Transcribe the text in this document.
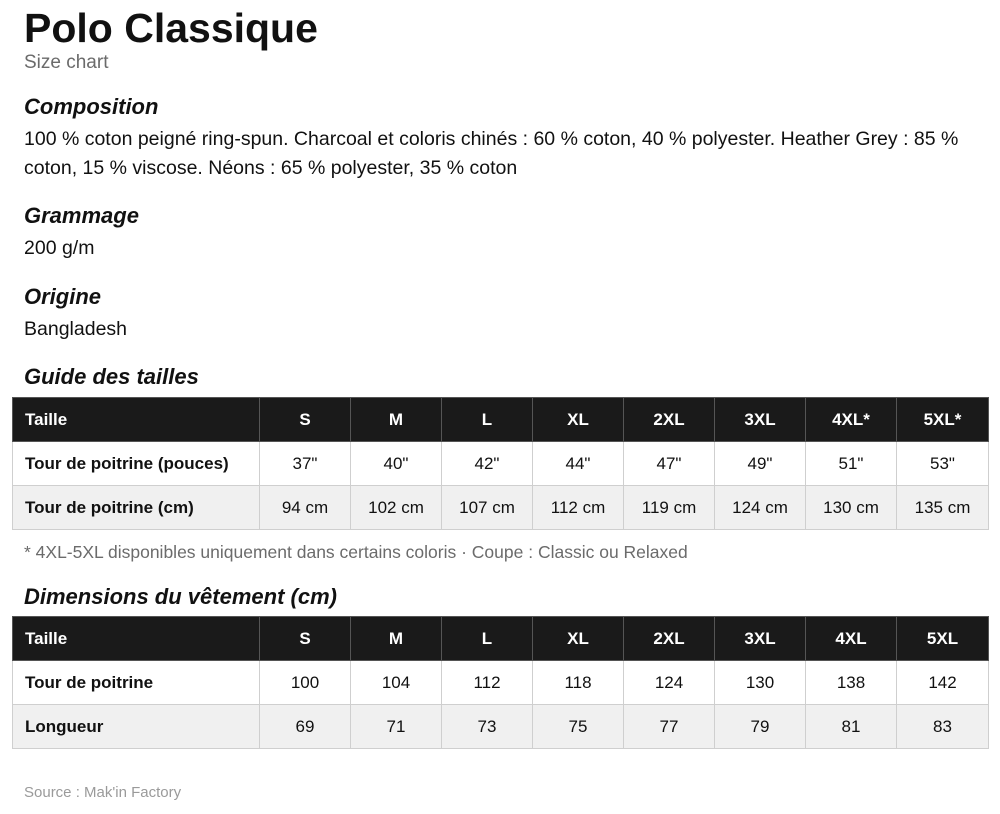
Polo Classique
Size chart
Composition

100 % coton peigné ring-spun. Charcoal et coloris chinés : 60 % coton, 40 % polyester. Heather Grey : 85 % coton, 15 % viscose. Néons : 65 % polyester, 35 % coton

Grammage

200 g/m

Origine

Bangladesh

Guide des tailles
Taille	S	M	L	XL	2XL	3XL	4XL*	5XL*
Tour de poitrine (pouces)	37"	40"	42"	44"	47"	49"	51"	53"
Tour de poitrine (cm)	94 cm	102 cm	107 cm	112 cm	119 cm	124 cm	130 cm	135 cm
* 4XL-5XL disponibles uniquement dans certains coloris · Coupe : Classic ou Relaxed
Dimensions du vêtement (cm)
Taille	S	M	L	XL	2XL	3XL	4XL	5XL
Tour de poitrine	100	104	112	118	124	130	138	142
Longueur	69	71	73	75	77	79	81	83
Source : Mak'in Factory
